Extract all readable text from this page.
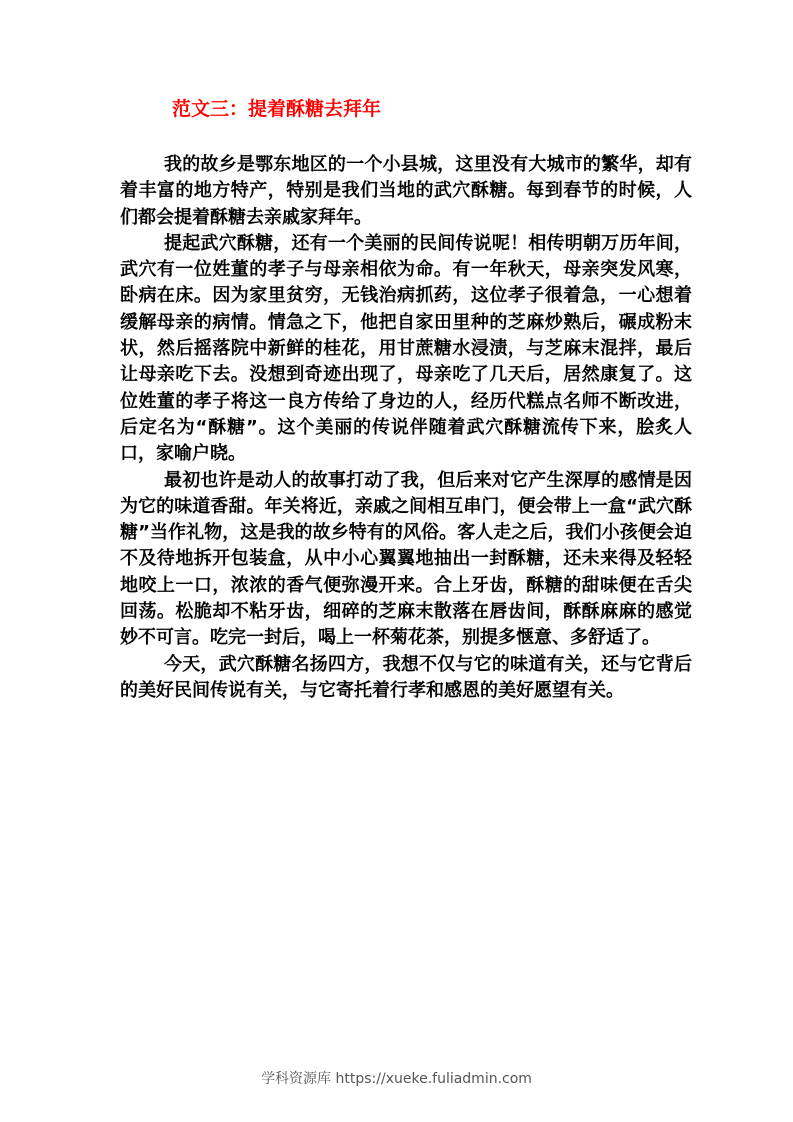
范文三：提着酥糖去拜年

我的故乡是鄂东地区的一个小县城，这里没有大城市的繁华，却有着丰富的地方特产，特别是我们当地的武穴酥糖。每到春节的时候，人们都会提着酥糖去亲戚家拜年。

提起武穴酥糖，还有一个美丽的民间传说呢！相传明朝万历年间，武穴有一位姓董的孝子与母亲相依为命。有一年秋天，母亲突发风寒，卧病在床。因为家里贫穷，无钱治病抓药，这位孝子很着急，一心想着缓解母亲的病情。情急之下，他把自家田里种的芝麻炒熟后，碾成粉末状，然后摇落院中新鲜的桂花，用甘蔗糖水浸渍，与芝麻末混拌，最后让母亲吃下去。没想到奇迹出现了，母亲吃了几天后，居然康复了。这位姓董的孝子将这一良方传给了身边的人，经历代糕点名师不断改进，后定名为“酥糖”。这个美丽的传说伴随着武穴酥糖流传下来，脍炙人口，家喻户晓。

最初也许是动人的故事打动了我，但后来对它产生深厚的感情是因为它的味道香甜。年关将近，亲戚之间相互串门，便会带上一盒“武穴酥糖”当作礼物，这是我的故乡特有的风俗。客人走之后，我们小孩便会迫不及待地拆开包装盒，从中小心翼翼地抽出一封酥糖，还未来得及轻轻地咬上一口，浓浓的香气便弥漫开来。合上牙齿，酥糖的甜味便在舌尖回荡。松脆却不粘牙齿，细碎的芝麻末散落在唇齿间，酥酥麻麻的感觉妙不可言。吃完一封后，喝上一杯菊花茶，别提多惬意、多舒适了。

今天，武穴酥糖名扬四方，我想不仅与它的味道有关，还与它背后的美好民间传说有关，与它寄托着行孝和感恩的美好愿望有关。

学科资源库 https://xueke.fuliadmin.com
